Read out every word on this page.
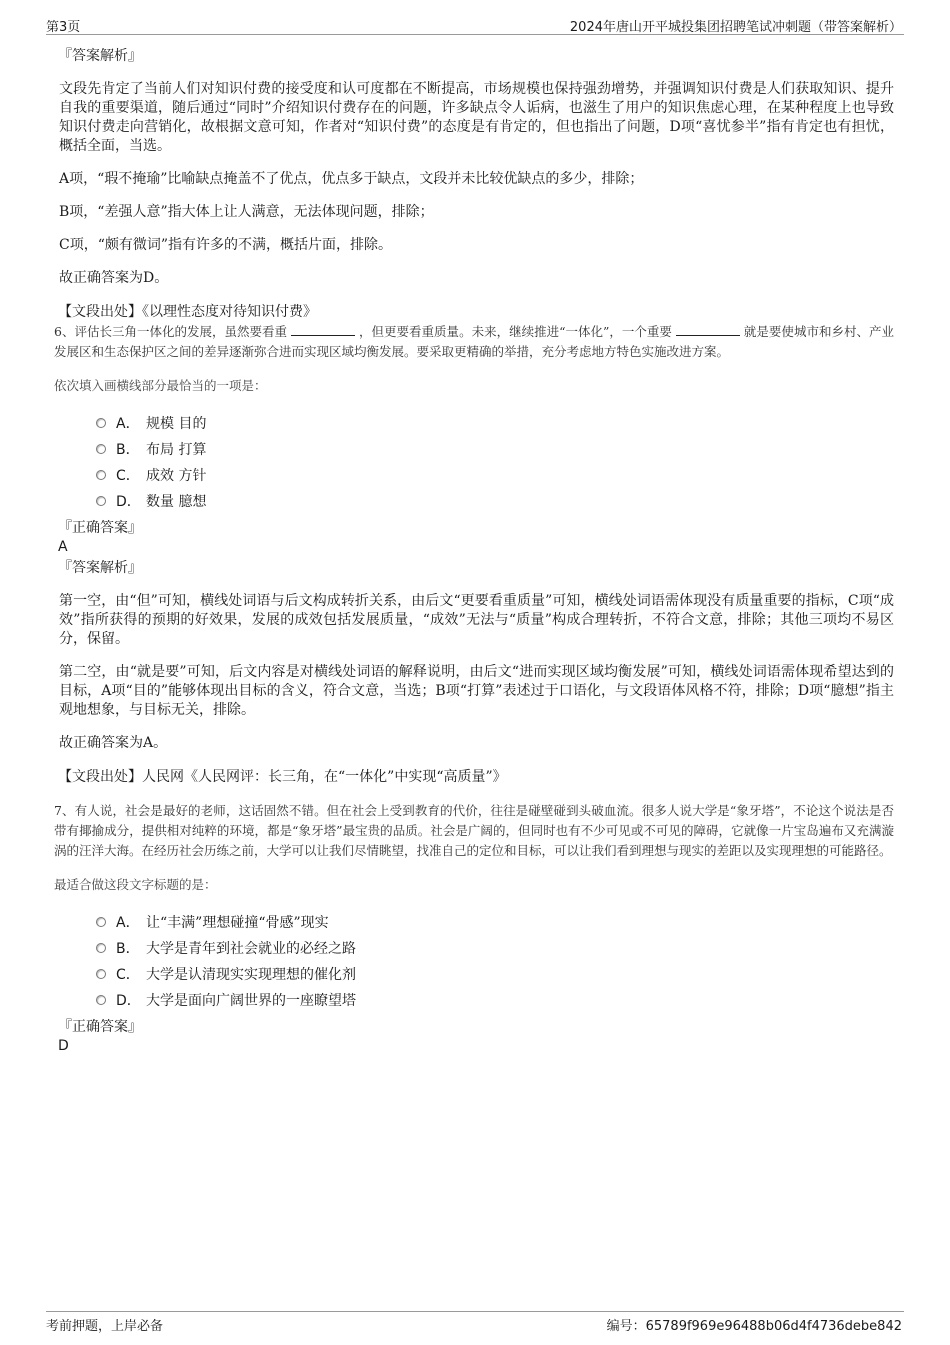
第3页	2024年唐山开平城投集团招聘笔试冲刺题（带答案解析）
『答案解析』

文段先肯定了当前人们对知识付费的接受度和认可度都在不断提高，市场规模也保持强劲增势，并强调知识付费是人们获取知识、提升自我的重要渠道，随后通过“同时”介绍知识付费存在的问题，许多缺点令人诟病，也滋生了用户的知识焦虑心理，在某种程度上也导致知识付费走向营销化，故根据文意可知，作者对“知识付费”的态度是有肯定的，但也指出了问题，D项“喜忧参半”指有肯定也有担忧，概括全面，当选。

A项，“瑕不掩瑜”比喻缺点掩盖不了优点，优点多于缺点，文段并未比较优缺点的多少，排除；

B项，“差强人意”指大体上让人满意，无法体现问题，排除；

C项，“颇有微词”指有许多的不满，概括片面，排除。

故正确答案为D。

【文段出处】《以理性态度对待知识付费》

6、评估长三角一体化的发展，虽然要看重	，但更要看重质量。未来，继续推进“一体化”，一个重要	就是要使城市和乡村、产业发展区和生态保护区之间的差异逐渐弥合进而实现区域均衡发展。要采取更精确的举措，充分考虑地方特色实施改进方案。

依次填入画横线部分最恰当的一项是：

A． 规模 目的
B． 布局 打算
C． 成效 方针
D． 数量 臆想
『正确答案』
A
『答案解析』

第一空，由“但”可知，横线处词语与后文构成转折关系，由后文“更要看重质量”可知，横线处词语需体现没有质量重要的指标，C项“成效”指所获得的预期的好效果，发展的成效包括发展质量，“成效”无法与“质量”构成合理转折，不符合文意，排除；其他三项均不易区分，保留。

第二空，由“就是要”可知，后文内容是对横线处词语的解释说明，由后文“进而实现区域均衡发展”可知，横线处词语需体现希望达到的目标，A项“目的”能够体现出目标的含义，符合文意，当选；B项“打算”表述过于口语化，与文段语体风格不符，排除；D项“臆想”指主观地想象，与目标无关，排除。

故正确答案为A。

【文段出处】人民网《人民网评：长三角，在“一体化”中实现“高质量”》

7、有人说，社会是最好的老师，这话固然不错。但在社会上受到教育的代价，往往是碰壁碰到头破血流。很多人说大学是“象牙塔”，不论这个说法是否带有揶揄成分，提供相对纯粹的环境，都是“象牙塔”最宝贵的品质。社会是广阔的，但同时也有不少可见或不可见的障碍，它就像一片宝岛遍布又充满漩涡的汪洋大海。在经历社会历练之前，大学可以让我们尽情眺望，找准自己的定位和目标，可以让我们看到理想与现实的差距以及实现理想的可能路径。

最适合做这段文字标题的是：

A． 让“丰满”理想碰撞“骨感”现实
B． 大学是青年到社会就业的必经之路
C． 大学是认清现实实现理想的催化剂
D． 大学是面向广阔世界的一座瞭望塔
『正确答案』
D
考前押题，上岸必备	编号：65789f969e96488b06d4f4736debe842
